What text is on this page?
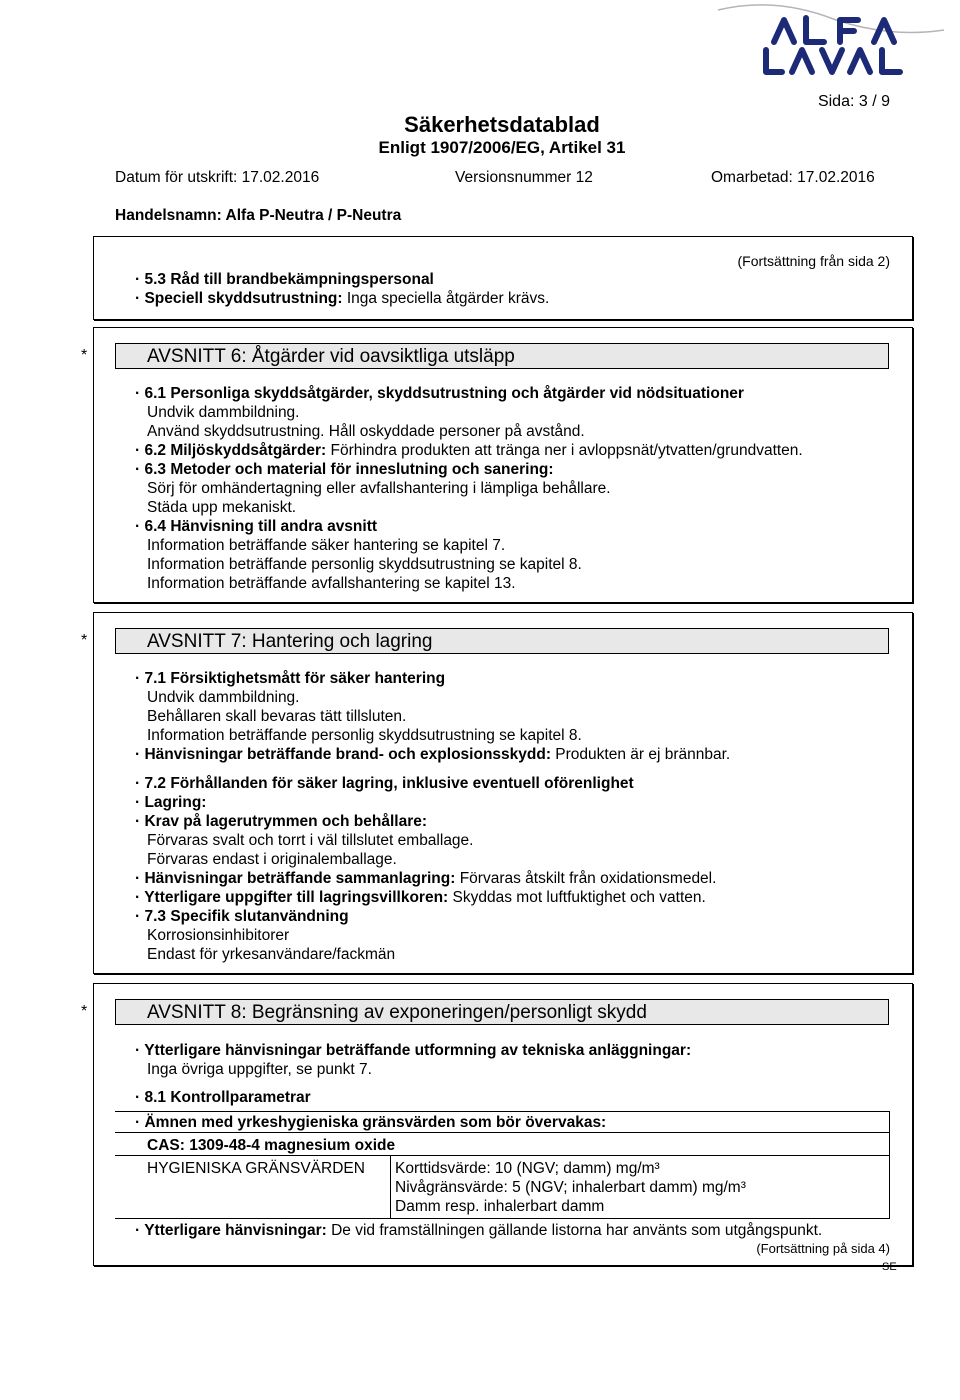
Sida: 3 / 9
Säkerhetsdatablad
Enligt 1907/2006/EG, Artikel 31
Datum för utskrift: 17.02.2016	Versionsnummer 12	Omarbetad: 17.02.2016
Handelsnamn: Alfa P-Neutra / P-Neutra
(Fortsättning från sida 2)
· 5.3 Råd till brandbekämpningspersonal
· Speciell skyddsutrustning: Inga speciella åtgärder krävs.
*	AVSNITT 6: Åtgärder vid oavsiktliga utsläpp
· 6.1 Personliga skyddsåtgärder, skyddsutrustning och åtgärder vid nödsituationer
Undvik dammbildning.
Använd skyddsutrustning. Håll oskyddade personer på avstånd.
· 6.2 Miljöskyddsåtgärder: Förhindra produkten att tränga ner i avloppsnät/ytvatten/grundvatten.
· 6.3 Metoder och material för inneslutning och sanering:
Sörj för omhändertagning eller avfallshantering i lämpliga behållare.
Städa upp mekaniskt.
· 6.4 Hänvisning till andra avsnitt
Information beträffande säker hantering se kapitel 7.
Information beträffande personlig skyddsutrustning se kapitel 8.
Information beträffande avfallshantering se kapitel 13.
*	AVSNITT 7: Hantering och lagring
· 7.1 Försiktighetsmått för säker hantering
Undvik dammbildning.
Behållaren skall bevaras tätt tillsluten.
Information beträffande personlig skyddsutrustning se kapitel 8.
· Hänvisningar beträffande brand- och explosionsskydd: Produkten är ej brännbar.
· 7.2 Förhållanden för säker lagring, inklusive eventuell oförenlighet
· Lagring:
· Krav på lagerutrymmen och behållare:
Förvaras svalt och torrt i väl tillslutet emballage.
Förvaras endast i originalemballage.
· Hänvisningar beträffande sammanlagring: Förvaras åtskilt från oxidationsmedel.
· Ytterligare uppgifter till lagringsvillkoren: Skyddas mot luftfuktighet och vatten.
· 7.3 Specifik slutanvändning
Korrosionsinhibitorer
Endast för yrkesanvändare/fackmän
*	AVSNITT 8: Begränsning av exponeringen/personligt skydd
· Ytterligare hänvisningar beträffande utformning av tekniska anläggningar:
Inga övriga uppgifter, se punkt 7.
· 8.1 Kontrollparametrar
· Ämnen med yrkeshygieniska gränsvärden som bör övervakas:
CAS: 1309-48-4 magnesium oxide
HYGIENISKA GRÄNSVÄRDEN Korttidsvärde: 10 (NGV; damm) mg/m³
Nivågränsvärde: 5 (NGV; inhalerbart damm) mg/m³
Damm resp. inhalerbart damm
· Ytterligare hänvisningar: De vid framställningen gällande listorna har använts som utgångspunkt.
(Fortsättning på sida 4)
SE
